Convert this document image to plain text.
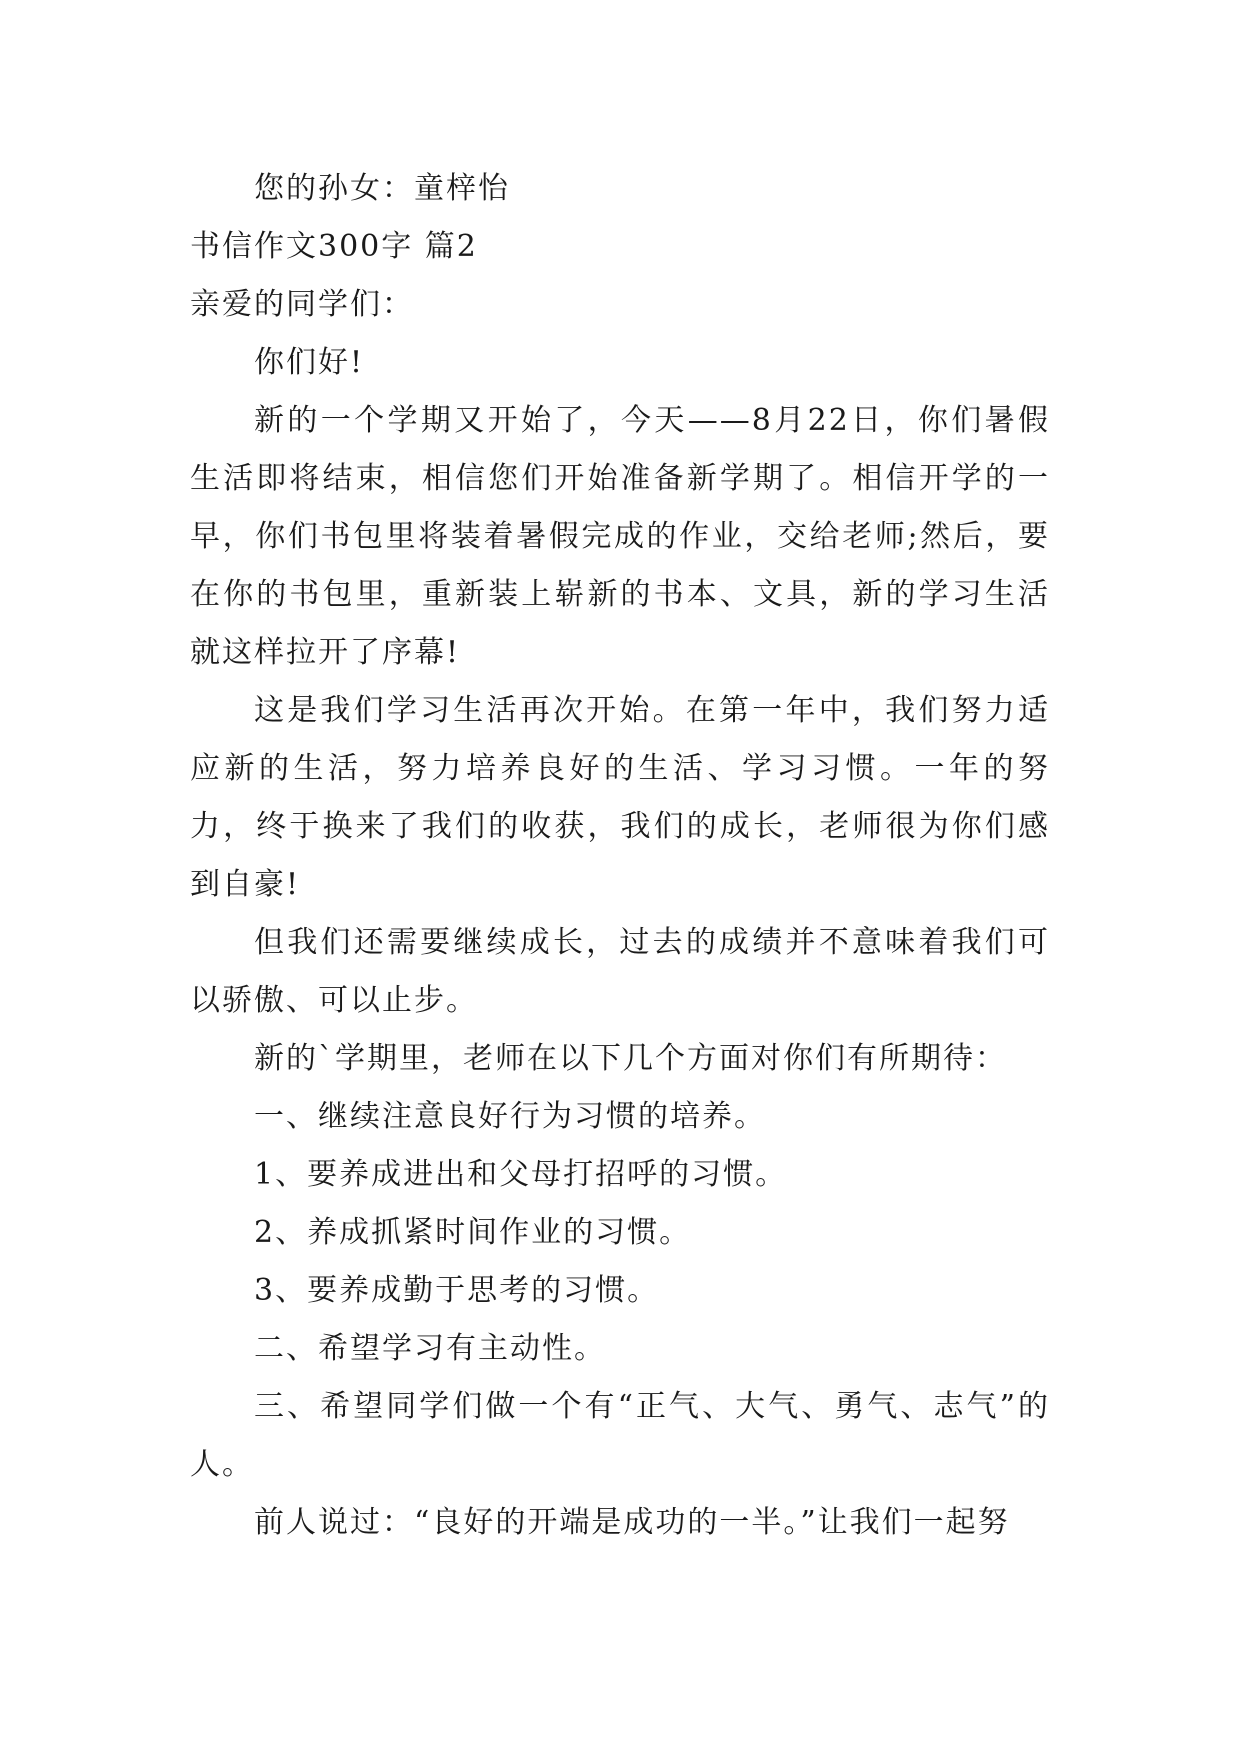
您的孙女：童梓怡
书信作文300字 篇2
亲爱的同学们：
你们好!

新的一个学期又开始了，今天——8月22日，你们暑假生活即将结束，相信您们开始准备新学期了。相信开学的一早，你们书包里将装着暑假完成的作业，交给老师;然后，要在你的书包里，重新装上崭新的书本、文具，新的学习生活就这样拉开了序幕!

这是我们学习生活再次开始。在第一年中，我们努力适应新的生活，努力培养良好的生活、学习习惯。一年的努力，终于换来了我们的收获，我们的成长，老师很为你们感到自豪!

但我们还需要继续成长，过去的成绩并不意味着我们可以骄傲、可以止步。

新的`学期里，老师在以下几个方面对你们有所期待：
一、继续注意良好行为习惯的培养。
1、要养成进出和父母打招呼的习惯。
2、养成抓紧时间作业的习惯。
3、要养成勤于思考的习惯。
二、希望学习有主动性。

三、希望同学们做一个有“正气、大气、勇气、志气”的人。

前人说过：“良好的开端是成功的一半。”让我们一起努
